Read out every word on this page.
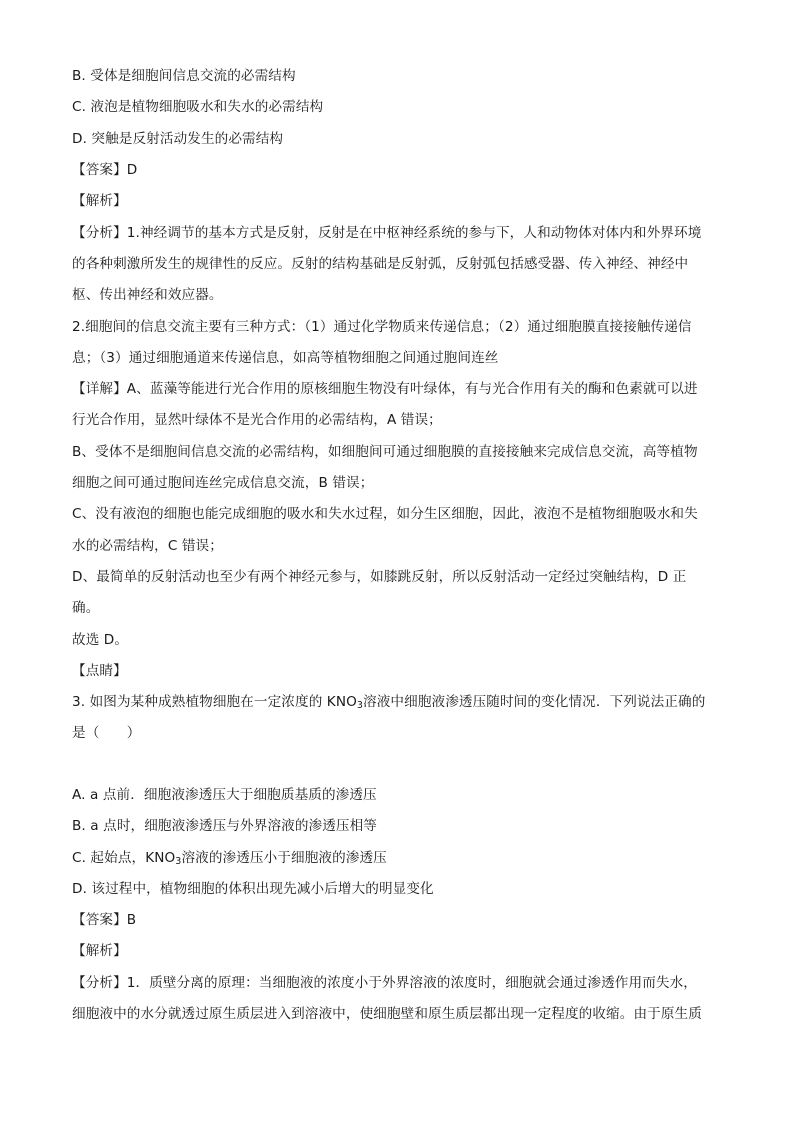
B. 受体是细胞间信息交流的必需结构
C. 液泡是植物细胞吸水和失水的必需结构
D. 突触是反射活动发生的必需结构
【答案】D
【解析】
【分析】1.神经调节的基本方式是反射，反射是在中枢神经系统的参与下，人和动物体对体内和外界环境
的各种刺激所发生的规律性的反应。反射的结构基础是反射弧，反射弧包括感受器、传入神经、神经中
枢、传出神经和效应器。
2.细胞间的信息交流主要有三种方式：（1）通过化学物质来传递信息；（2）通过细胞膜直接接触传递信
息；（3）通过细胞通道来传递信息，如高等植物细胞之间通过胞间连丝
【详解】A、蓝藻等能进行光合作用的原核细胞生物没有叶绿体，有与光合作用有关的酶和色素就可以进
行光合作用，显然叶绿体不是光合作用的必需结构，A 错误；
B、受体不是细胞间信息交流的必需结构，如细胞间可通过细胞膜的直接接触来完成信息交流，高等植物
细胞之间可通过胞间连丝完成信息交流，B 错误；
C、没有液泡的细胞也能完成细胞的吸水和失水过程，如分生区细胞，因此，液泡不是植物细胞吸水和失
水的必需结构，C 错误；
D、最简单的反射活动也至少有两个神经元参与，如膝跳反射，所以反射活动一定经过突触结构，D 正
确。
故选 D。
【点睛】
3. 如图为某种成熟植物细胞在一定浓度的 $KNO_3$溶液中细胞液渗透压随时间的变化情况．下列说法正确的
是（　　）
A. a 点前．细胞液渗透压大于细胞质基质的渗透压
B. a 点时，细胞液渗透压与外界溶液的渗透压相等
C. 起始点，$KNO_3$溶液的渗透压小于细胞液的渗透压
D. 该过程中，植物细胞的体积出现先减小后增大的明显变化
【答案】B
【解析】
【分析】1．质壁分离的原理：当细胞液的浓度小于外界溶液的浓度时，细胞就会通过渗透作用而失水，
细胞液中的水分就透过原生质层进入到溶液中，使细胞壁和原生质层都出现一定程度的收缩。由于原生质
